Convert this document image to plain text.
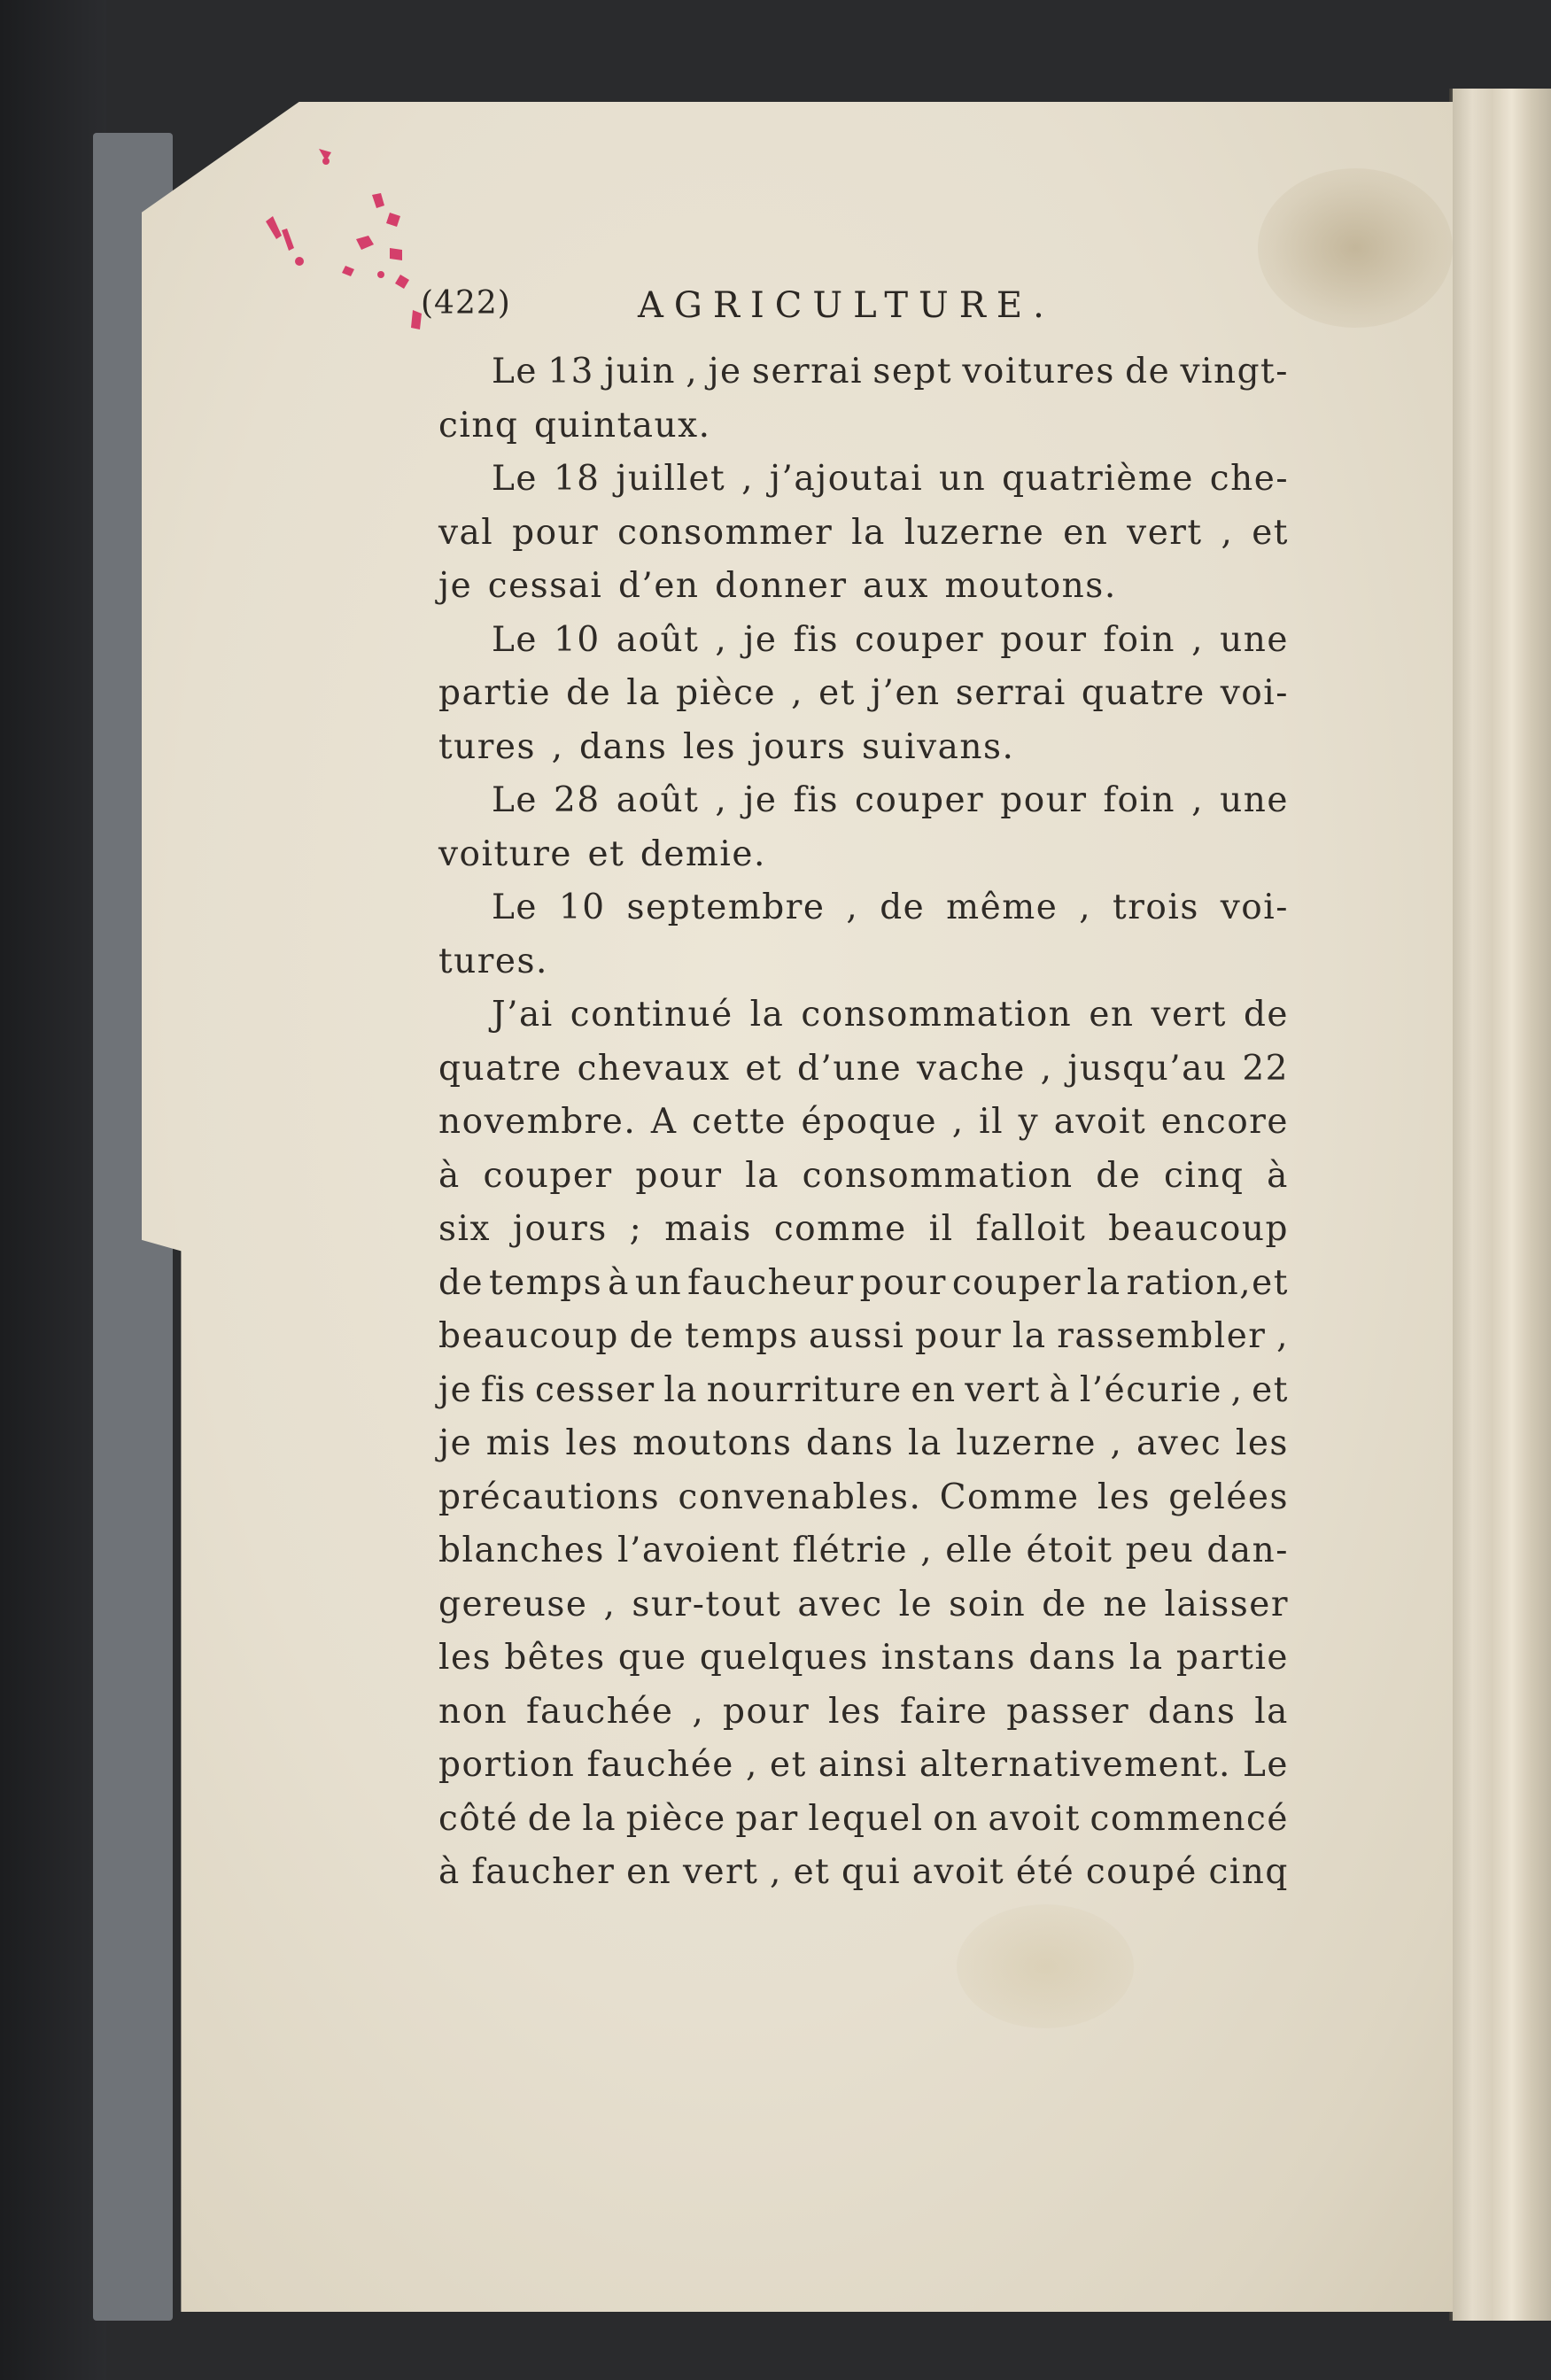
(422)	AGRICULTURE.
Le 13 juin , je serrai sept voitures de vingt-
cinq quintaux.
Le 18 juillet , j’ajoutai un quatrième che-
val pour consommer la luzerne en vert , et
je cessai d’en donner aux moutons.
Le 10 août , je fis couper pour foin , une
partie de la pièce , et j’en serrai quatre voi-
tures , dans les jours suivans.
Le 28 août , je fis couper pour foin , une
voiture et demie.
Le 10 septembre , de même , trois voi-
tures.
J’ai continué la consommation en vert de
quatre chevaux et d’une vache , jusqu’au 22
novembre. A cette époque , il y avoit encore
à couper pour la consommation de cinq à
six jours ; mais comme il falloit beaucoup
de temps à un faucheur pour couper la ration,et
beaucoup de temps aussi pour la rassembler ,
je fis cesser la nourriture en vert à l’écurie , et
je mis les moutons dans la luzerne , avec les
précautions convenables. Comme les gelées
blanches l’avoient flétrie , elle étoit peu dan-
gereuse , sur-tout avec le soin de ne laisser
les bêtes que quelques instans dans la partie
non fauchée , pour les faire passer dans la
portion fauchée , et ainsi alternativement. Le
côté de la pièce par lequel on avoit commencé
à faucher en vert , et qui avoit été coupé cinq
